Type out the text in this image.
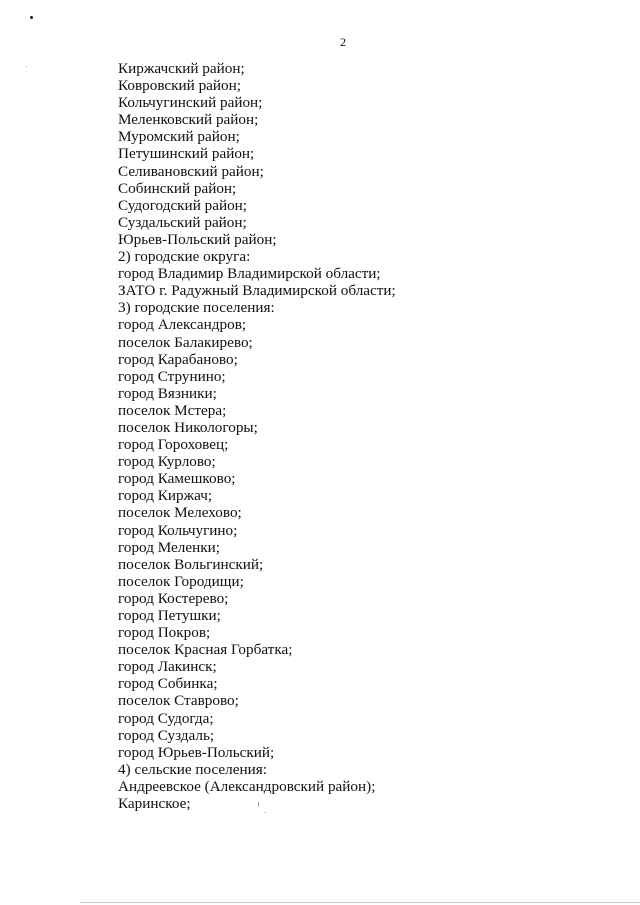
2
Киржачский район;
Ковровский район;
Кольчугинский район;
Меленковский район;
Муромский район;
Петушинский район;
Селивановский район;
Собинский район;
Судогодский район;
Суздальский район;
Юрьев-Польский район;
2) городские округа:
город Владимир Владимирской области;
ЗАТО г. Радужный Владимирской области;
3) городские поселения:
город Александров;
поселок Балакирево;
город Карабаново;
город Струнино;
город Вязники;
поселок Мстера;
поселок Никологоры;
город Гороховец;
город Курлово;
город Камешково;
город Киржач;
поселок Мелехово;
город Кольчугино;
город Меленки;
поселок Вольгинский;
поселок Городищи;
город Костерево;
город Петушки;
город Покров;
поселок Красная Горбатка;
город Лакинск;
город Собинка;
поселок Ставрово;
город Судогда;
город Суздаль;
город Юрьев-Польский;
4) сельские поселения:
Андреевское (Александровский район);
Каринское;
